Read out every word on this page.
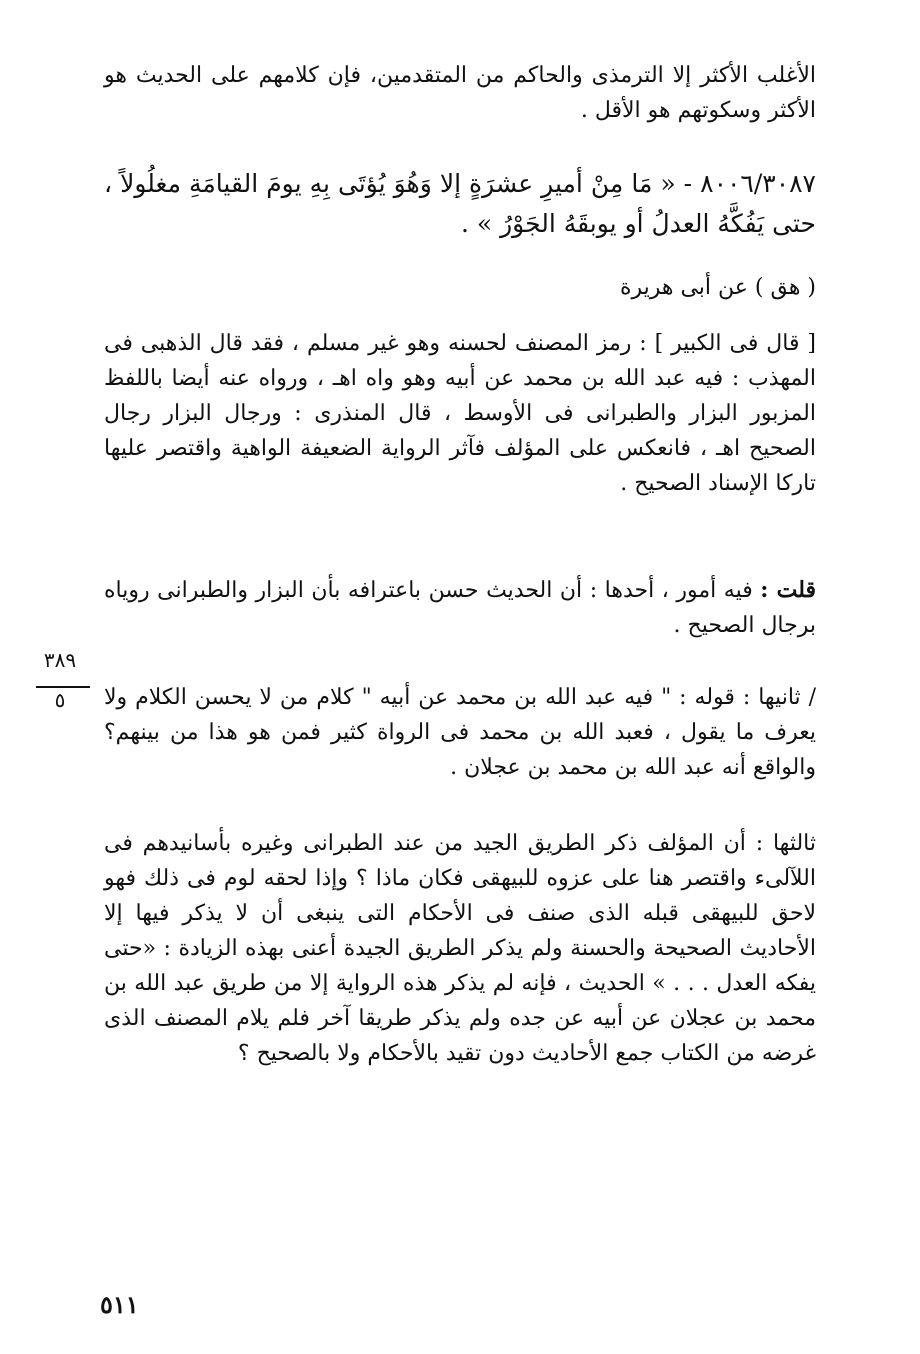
الأغلب الأكثر إلا الترمذى والحاكم من المتقدمين، فإن كلامهم على الحديث هو الأكثر وسكوتهم هو الأقل .

٨٠٠٦/٣٠٨٧ - « مَا مِنْ أميرِ عشرَةٍ إلا وَهُوَ يُؤتَى بِهِ يومَ القيامَةِ مغلُولاً ، حتى يَفُكَّهُ العدلُ أو يوبقَهُ الجَوْرُ » .

( هق ) عن أبى هريرة

[ قال فى الكبير ] : رمز المصنف لحسنه وهو غير مسلم ، فقد قال الذهبى فى المهذب : فيه عبد الله بن محمد عن أبيه وهو واه اهـ ، ورواه عنه أيضا باللفظ المزبور البزار والطبرانى فى الأوسط ، قال المنذرى : ورجال البزار رجال الصحيح اهـ ، فانعكس على المؤلف فآثر الرواية الضعيفة الواهية واقتصر عليها تاركا الإسناد الصحيح .

قلت : فيه أمور ، أحدها : أن الحديث حسن باعترافه بأن البزار والطبرانى روياه برجال الصحيح .

/ ثانيها : قوله : " فيه عبد الله بن محمد عن أبيه " كلام من لا يحسن الكلام ولا يعرف ما يقول ، فعبد الله بن محمد فى الرواة كثير فمن هو هذا من بينهم؟ والواقع أنه عبد الله بن محمد بن عجلان .

ثالثها : أن المؤلف ذكر الطريق الجيد من عند الطبرانى وغيره بأسانيدهم فى اللآلىء واقتصر هنا على عزوه للبيهقى فكان ماذا ؟ وإذا لحقه لوم فى ذلك فهو لاحق للبيهقى قبله الذى صنف فى الأحكام التى ينبغى أن لا يذكر فيها إلا الأحاديث الصحيحة والحسنة ولم يذكر الطريق الجيدة أعنى بهذه الزيادة : «حتى يفكه العدل . . . » الحديث ، فإنه لم يذكر هذه الرواية إلا من طريق عبد الله بن محمد بن عجلان عن أبيه عن جده ولم يذكر طريقا آخر فلم يلام المصنف الذى غرضه من الكتاب جمع الأحاديث دون تقيد بالأحكام ولا بالصحيح ؟

٣٨٩
٥
٥١١
